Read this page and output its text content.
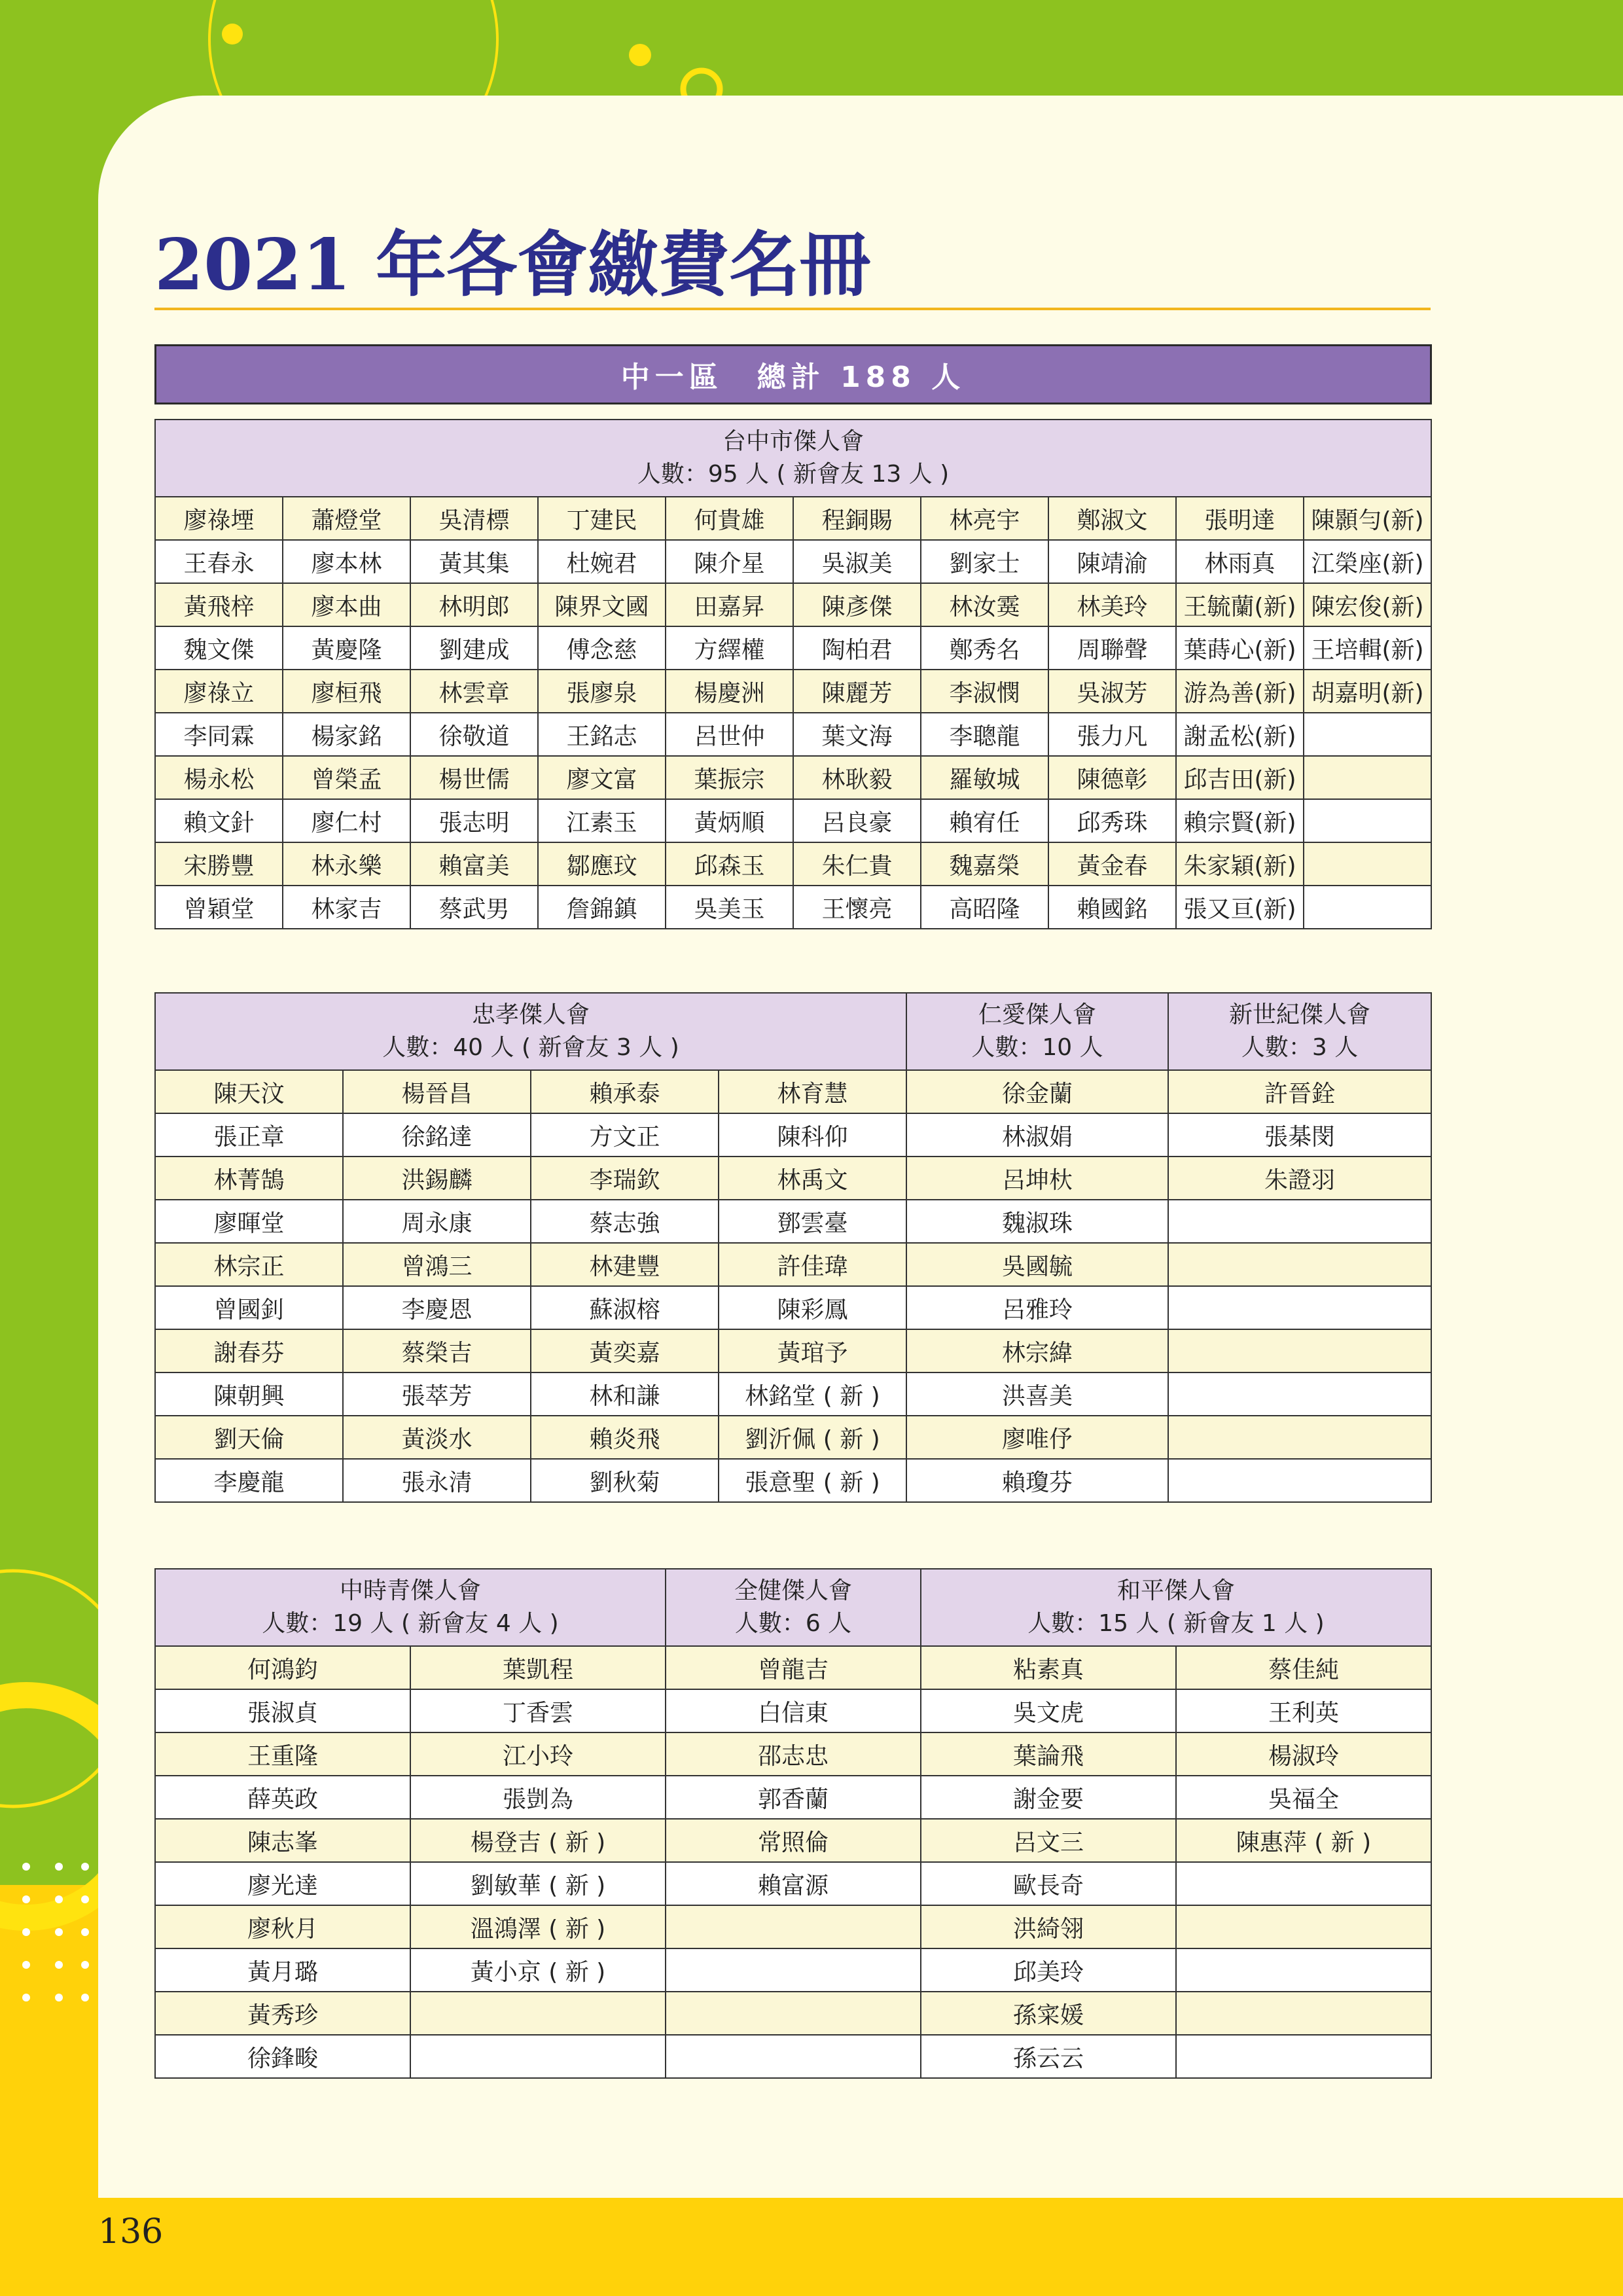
2021 年各會繳費名冊
中一區　總計 188 人
台中市傑人會
人數：95 人 ( 新會友 13 人 )									

廖祿堙	蕭燈堂	吳清標	丁建民	何貴雄	程銅賜	林亮宇	鄭淑文	張明達	陳顥勻(新)
王春永	廖本林	黃其集	杜婉君	陳介星	吳淑美	劉家士	陳靖渝	林雨真	江榮座(新)
黃飛梓	廖本曲	林明郎	陳界文國	田嘉昇	陳彥傑	林汝霙	林美玲	王毓蘭(新)	陳宏俊(新)
魏文傑	黃慶隆	劉建成	傅念慈	方繹權	陶柏君	鄭秀名	周聯聲	葉蒔心(新)	王培輯(新)
廖祿立	廖桓飛	林雲章	張廖泉	楊慶洲	陳麗芳	李淑憫	吳淑芳	游為善(新)	胡嘉明(新)
李同霖	楊家銘	徐敬道	王銘志	呂世仲	葉文海	李聰龍	張力凡	謝孟松(新)	
楊永松	曾榮孟	楊世儒	廖文富	葉振宗	林耿毅	羅敏城	陳德彰	邱吉田(新)	
賴文針	廖仁村	張志明	江素玉	黃炳順	呂良豪	賴宥任	邱秀珠	賴宗賢(新)	
宋勝豐	林永樂	賴富美	鄒應玟	邱森玉	朱仁貴	魏嘉榮	黃金春	朱家穎(新)	
曾穎堂	林家吉	蔡武男	詹錦鎮	吳美玉	王懷亮	高昭隆	賴國銘	張又亘(新)	
忠孝傑人會
人數：40 人 ( 新會友 3 人 )				仁愛傑人會
人數：10 人	新世紀傑人會
人數：3 人

陳天汶	楊晉昌	賴承泰	林育慧	徐金蘭	許晉銓
張正章	徐銘達	方文正	陳科仰	林淑娟	張棊閔
林菁鵠	洪錫麟	李瑞欽	林禹文	呂坤杕	朱證羽
廖暉堂	周永康	蔡志強	鄧雲臺	魏淑珠	
林宗正	曾鴻三	林建豐	許佳瑋	吳國毓	
曾國釗	李慶恩	蘇淑榕	陳彩鳳	呂雅玲	
謝春芬	蔡榮吉	黃奕嘉	黃琯予	林宗緯	
陳朝興	張萃芳	林和謙	林銘堂 ( 新 )	洪喜美	
劉天倫	黃淡水	賴炎飛	劉沂佩 ( 新 )	廖唯伃	
李慶龍	張永清	劉秋菊	張意聖 ( 新 )	賴瓊芬	
中時青傑人會
人數：19 人 ( 新會友 4 人 )		全健傑人會
人數：6 人	和平傑人會
人數：15 人 ( 新會友 1 人 )	

何鴻鈞	葉凱程	曾龍吉	粘素真	蔡佳純
張淑貞	丁香雲	白信東	吳文虎	王利英
王重隆	江小玲	邵志忠	葉論飛	楊淑玲
薛英政	張剴為	郭香蘭	謝金要	吳福全
陳志峯	楊登吉 ( 新 )	常照倫	呂文三	陳惠萍 ( 新 )
廖光達	劉敏華 ( 新 )	賴富源	歐長奇	
廖秋月	溫鴻澤 ( 新 )		洪綺翎	
黃月璐	黃小京 ( 新 )		邱美玲	
黃秀珍			孫寀媛	
徐鋒畯			孫云云	
136
